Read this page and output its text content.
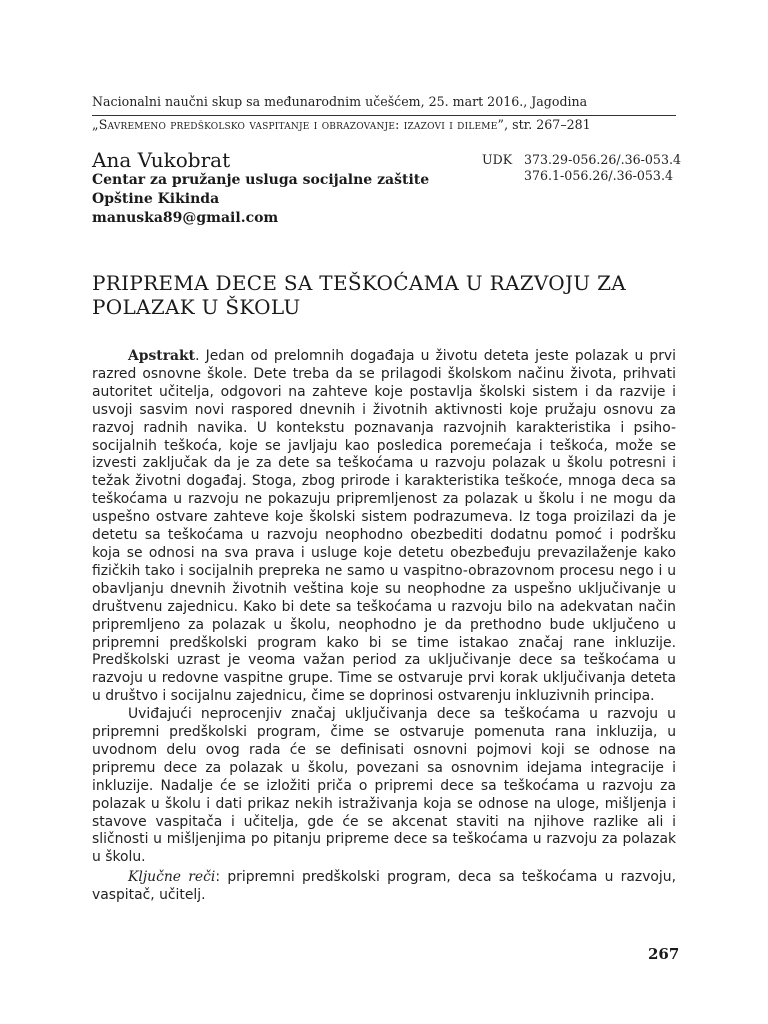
Nacionalni naučni skup sa međunarodnim učešćem, 25. mart 2016., Jagodina
„Savremeno predškolsko vaspitanje i obrazovanje: izazovi i dileme”, str. 267–281
Ana Vukobrat
Centar za pružanje usluga socijalne zaštite
Opštine Kikinda
manuska89@gmail.com
UDK 373.29-056.26/.36-053.4
376.1-056.26/.36-053.4
PRIPREMA DECE SA TEŠKOĆAMA U RAZVOJU ZA POLAZAK U ŠKOLU

Apstrakt. Jedan od prelomnih događaja u životu deteta jeste polazak u prvi razred osnovne škole. Dete treba da se prilagodi školskom načinu života, prihvati autoritet učitelja, odgovori na zahteve koje postavlja školski sistem i da razvije i usvoji sasvim novi raspored dnevnih i životnih aktivnosti koje pružaju osnovu za razvoj radnih navika. U kontekstu poznavanja razvojnih karakteristika i psiho-socijalnih teškoća, koje se javljaju kao posledica poremećaja i teškoća, može se izvesti zaključak da je za dete sa teškoćama u razvoju polazak u školu potresni i težak životni događaj. Stoga, zbog prirode i karakteristika teškoće, mnoga deca sa teškoćama u razvoju ne pokazuju pripremljenost za polazak u školu i ne mogu da uspešno ostvare zahteve koje školski sistem podrazumeva. Iz toga proizilazi da je detetu sa teškoćama u razvoju neophodno obezbediti dodatnu pomoć i podršku koja se odnosi na sva prava i usluge koje detetu obezbeđuju prevazilaženje kako fizičkih tako i socijalnih prepreka ne samo u vaspitno-obrazovnom procesu nego i u obavljanju dnevnih životnih veština koje su neophodne za uspešno uključivanje u društvenu zajednicu. Kako bi dete sa teškoćama u razvoju bilo na adekvatan način pripremljeno za polazak u školu, neophodno je da prethodno bude uključeno u pripremni predškolski program kako bi se time istakao značaj rane inkluzije. Predškolski uzrast je veoma važan period za uključivanje dece sa teškoćama u razvoju u redovne vaspitne grupe. Time se ostvaruje prvi korak uključivanja deteta u društvo i socijalnu zajednicu, čime se doprinosi ostvarenju inkluzivnih principa.

Uviđajući neprocenjiv značaj uključivanja dece sa teškoćama u razvoju u pripremni predškolski program, čime se ostvaruje pomenuta rana inkluzija, u uvodnom delu ovog rada će se definisati osnovni pojmovi koji se odnose na pripremu dece za polazak u školu, povezani sa osnovnim idejama integracije i inkluzije. Nadalje će se izložiti priča o pripremi dece sa teškoćama u razvoju za polazak u školu i dati prikaz nekih istraživanja koja se odnose na uloge, mišljenja i stavove vaspitača i učitelja, gde će se akcenat staviti na njihove razlike ali i sličnosti u mišljenjima po pitanju pripreme dece sa teškoćama u razvoju za polazak u školu.

Ključne reči: pripremni predškolski program, deca sa teškoćama u razvoju, vaspitač, učitelj.

267
